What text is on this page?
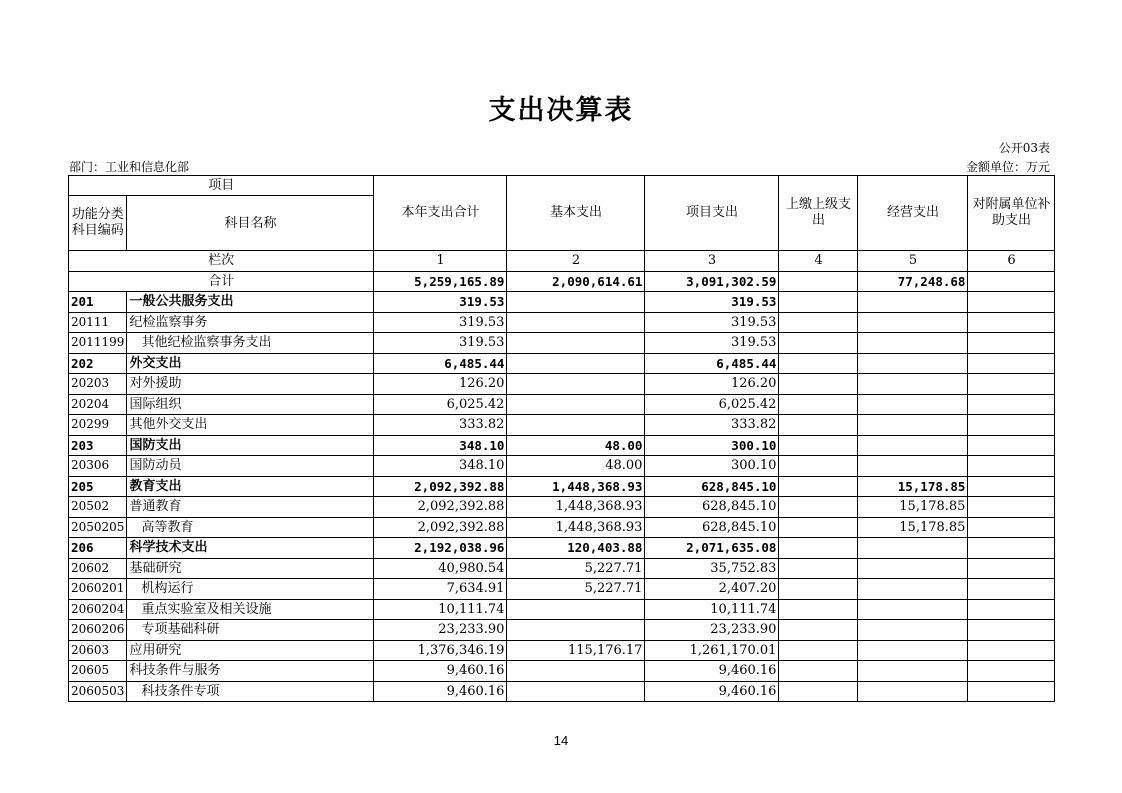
支出决算表
公开03表
部门：工业和信息化部	金额单位：万元
项目		本年支出合计	基本支出	项目支出	上缴上级支出	经营支出	对附属单位补助支出
功能分类科目编码	科目名称						
栏次		1	2	3	4	5	6
合计		5,259,165.89	2,090,614.61	3,091,302.59		77,248.68	
201	一般公共服务支出	319.53		319.53			
20111	纪检监察事务	319.53		319.53			
2011199	其他纪检监察事务支出	319.53		319.53			
202	外交支出	6,485.44		6,485.44			
20203	对外援助	126.20		126.20			
20204	国际组织	6,025.42		6,025.42			
20299	其他外交支出	333.82		333.82			
203	国防支出	348.10	48.00	300.10			
20306	国防动员	348.10	48.00	300.10			
205	教育支出	2,092,392.88	1,448,368.93	628,845.10		15,178.85	
20502	普通教育	2,092,392.88	1,448,368.93	628,845.10		15,178.85	
2050205	高等教育	2,092,392.88	1,448,368.93	628,845.10		15,178.85	
206	科学技术支出	2,192,038.96	120,403.88	2,071,635.08			
20602	基础研究	40,980.54	5,227.71	35,752.83			
2060201	机构运行	7,634.91	5,227.71	2,407.20			
2060204	重点实验室及相关设施	10,111.74		10,111.74			
2060206	专项基础科研	23,233.90		23,233.90			
20603	应用研究	1,376,346.19	115,176.17	1,261,170.01			
20605	科技条件与服务	9,460.16		9,460.16			
2060503	科技条件专项	9,460.16		9,460.16			
14
